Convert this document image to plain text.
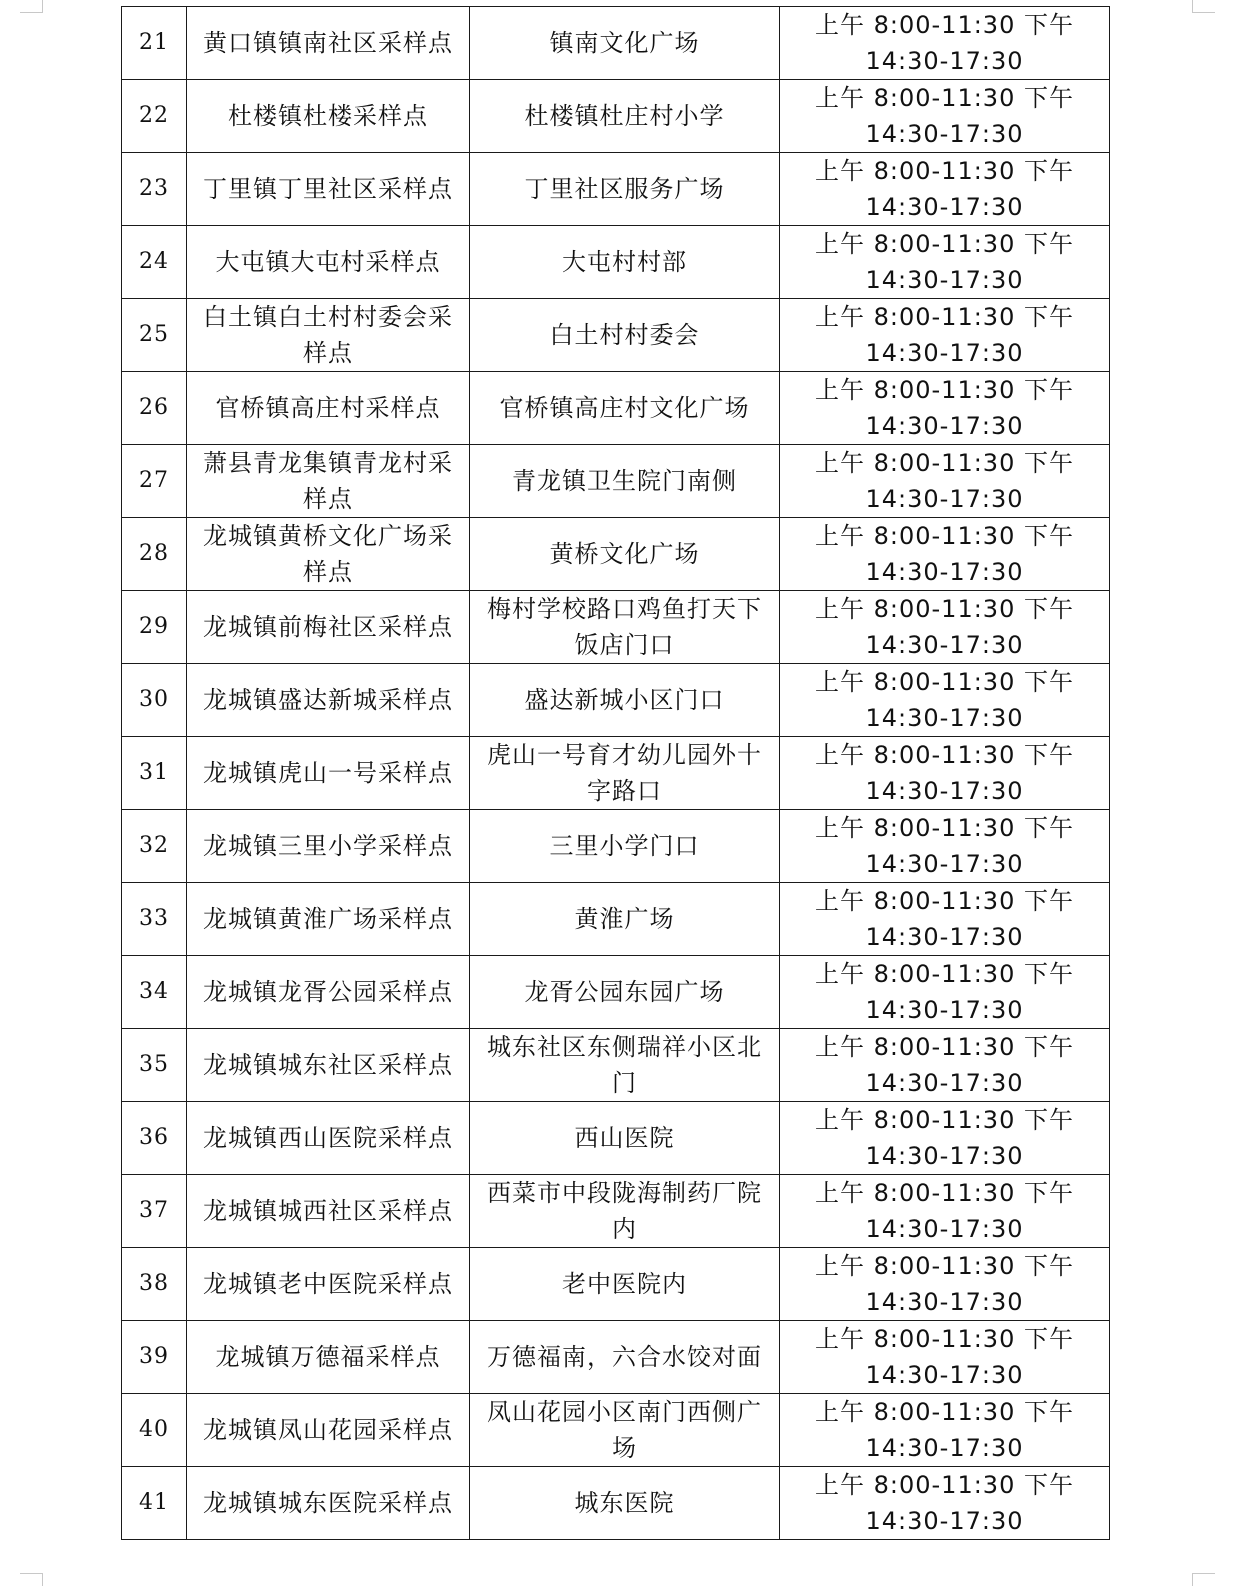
21	黄口镇镇南社区采样点	镇南文化广场	上午 8:00-11:30 下午
14:30-17:30

22	杜楼镇杜楼采样点	杜楼镇杜庄村小学	上午 8:00-11:30 下午
14:30-17:30

23	丁里镇丁里社区采样点	丁里社区服务广场	上午 8:00-11:30 下午
14:30-17:30

24	大屯镇大屯村采样点	大屯村村部	上午 8:00-11:30 下午
14:30-17:30

25	白土镇白土村村委会采样点	白土村村委会	上午 8:00-11:30 下午
14:30-17:30

26	官桥镇高庄村采样点	官桥镇高庄村文化广场	上午 8:00-11:30 下午
14:30-17:30

27	萧县青龙集镇青龙村采样点	青龙镇卫生院门南侧	上午 8:00-11:30 下午
14:30-17:30

28	龙城镇黄桥文化广场采样点	黄桥文化广场	上午 8:00-11:30 下午
14:30-17:30

29	龙城镇前梅社区采样点	梅村学校路口鸡鱼打天下饭店门口	上午 8:00-11:30 下午
14:30-17:30

30	龙城镇盛达新城采样点	盛达新城小区门口	上午 8:00-11:30 下午
14:30-17:30

31	龙城镇虎山一号采样点	虎山一号育才幼儿园外十字路口	上午 8:00-11:30 下午
14:30-17:30

32	龙城镇三里小学采样点	三里小学门口	上午 8:00-11:30 下午
14:30-17:30

33	龙城镇黄淮广场采样点	黄淮广场	上午 8:00-11:30 下午
14:30-17:30

34	龙城镇龙胥公园采样点	龙胥公园东园广场	上午 8:00-11:30 下午
14:30-17:30

35	龙城镇城东社区采样点	城东社区东侧瑞祥小区北门	上午 8:00-11:30 下午
14:30-17:30

36	龙城镇西山医院采样点	西山医院	上午 8:00-11:30 下午
14:30-17:30

37	龙城镇城西社区采样点	西菜市中段陇海制药厂院内	上午 8:00-11:30 下午
14:30-17:30

38	龙城镇老中医院采样点	老中医院内	上午 8:00-11:30 下午
14:30-17:30

39	龙城镇万德福采样点	万德福南，六合水饺对面	上午 8:00-11:30 下午
14:30-17:30

40	龙城镇凤山花园采样点	凤山花园小区南门西侧广场	上午 8:00-11:30 下午
14:30-17:30

41	龙城镇城东医院采样点	城东医院	上午 8:00-11:30 下午
14:30-17:30
